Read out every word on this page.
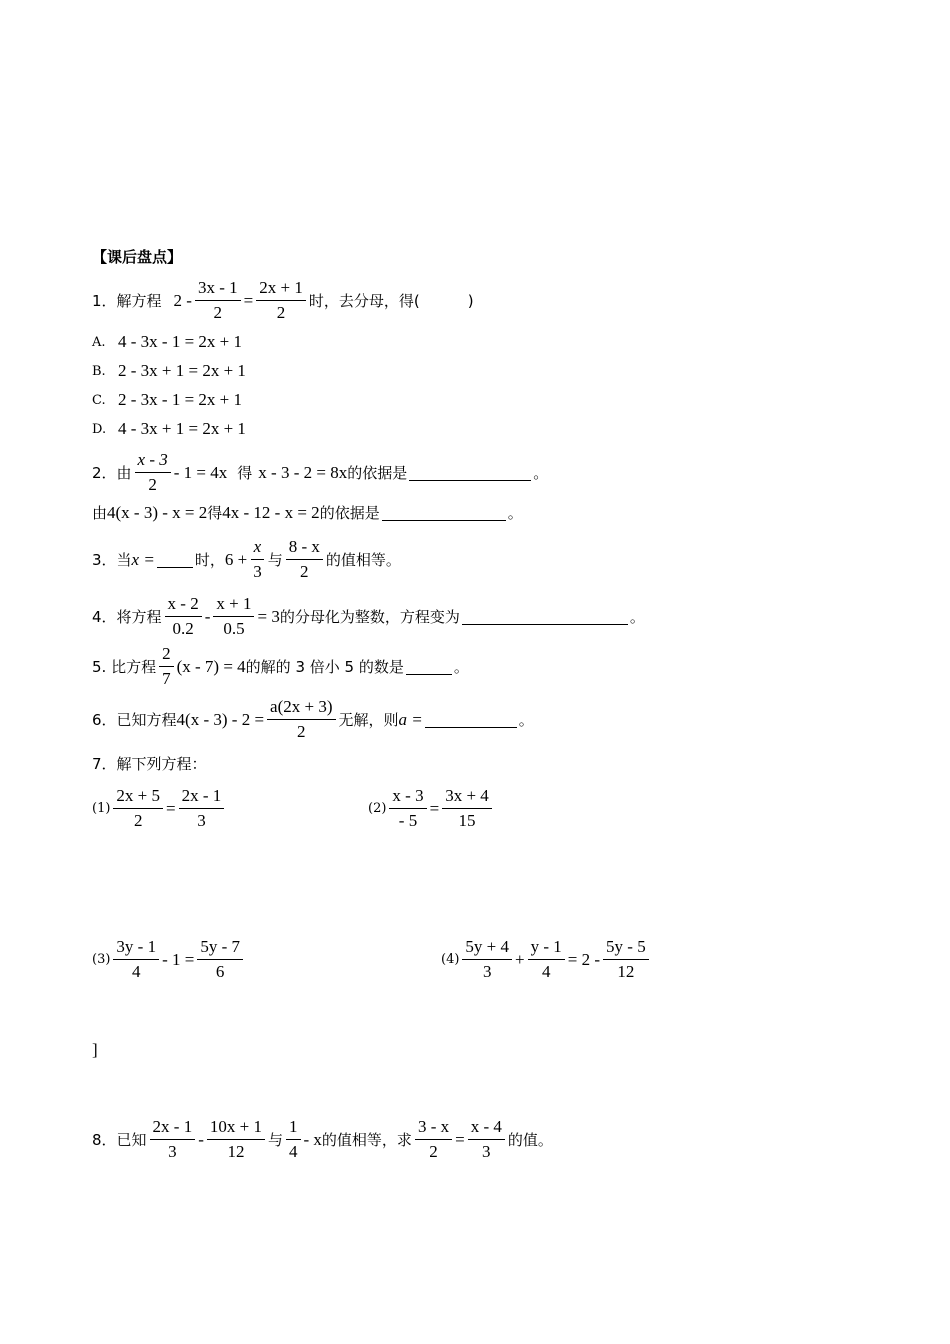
【课后盘点】
1．解方程 $2 - \frac{3x - 1}{2} = \frac{2x + 1}{2}$ 时，去分母，得(	)
A. 4 - 3x - 1 = 2x + 1
B. 2 - 3x + 1 = 2x + 1
C. 2 - 3x - 1 = 2x + 1
D. 4 - 3x + 1 = 2x + 1
2．由 $\frac{x - 3}{2} - 1 = 4x$ 得 x - 3 - 2 = 8x 的依据是	。
由 4(x - 3) - x = 2 得 4x - 12 - x = 2 的依据是	。
3．当 x =	时， $6 + \frac{x}{3}$ 与 $\frac{8 - x}{2}$ 的值相等。
4．将方程 $\frac{x - 2}{0.2} - \frac{x + 1}{0.5} = 3$ 的分母化为整数，方程变为	。
5. 比方程 $\frac{2}{7} (x - 7) = 4$ 的解的 3 倍小 5 的数是	。
6．已知方程 $4(x - 3) - 2 = \frac{a(2x + 3)}{2}$ 无解，则 a =	。
7．解下列方程：
$(1) \frac{2x + 5}{2} = \frac{2x - 1}{3}$	$(2) \frac{x - 3}{- 5} = \frac{3x + 4}{15}$
$(3) \frac{3y - 1}{4} - 1 = \frac{5y - 7}{6}$	$(4) \frac{5y + 4}{3} + \frac{y - 1}{4} = 2 - \frac{5y - 5}{12}$
]
8．已知 $\frac{2x - 1}{3} - \frac{10x + 1}{12}$ 与 $\frac{1}{4}$ - x 的值相等，求 $\frac{3 - x}{2} = \frac{x - 4}{3}$ 的值。
